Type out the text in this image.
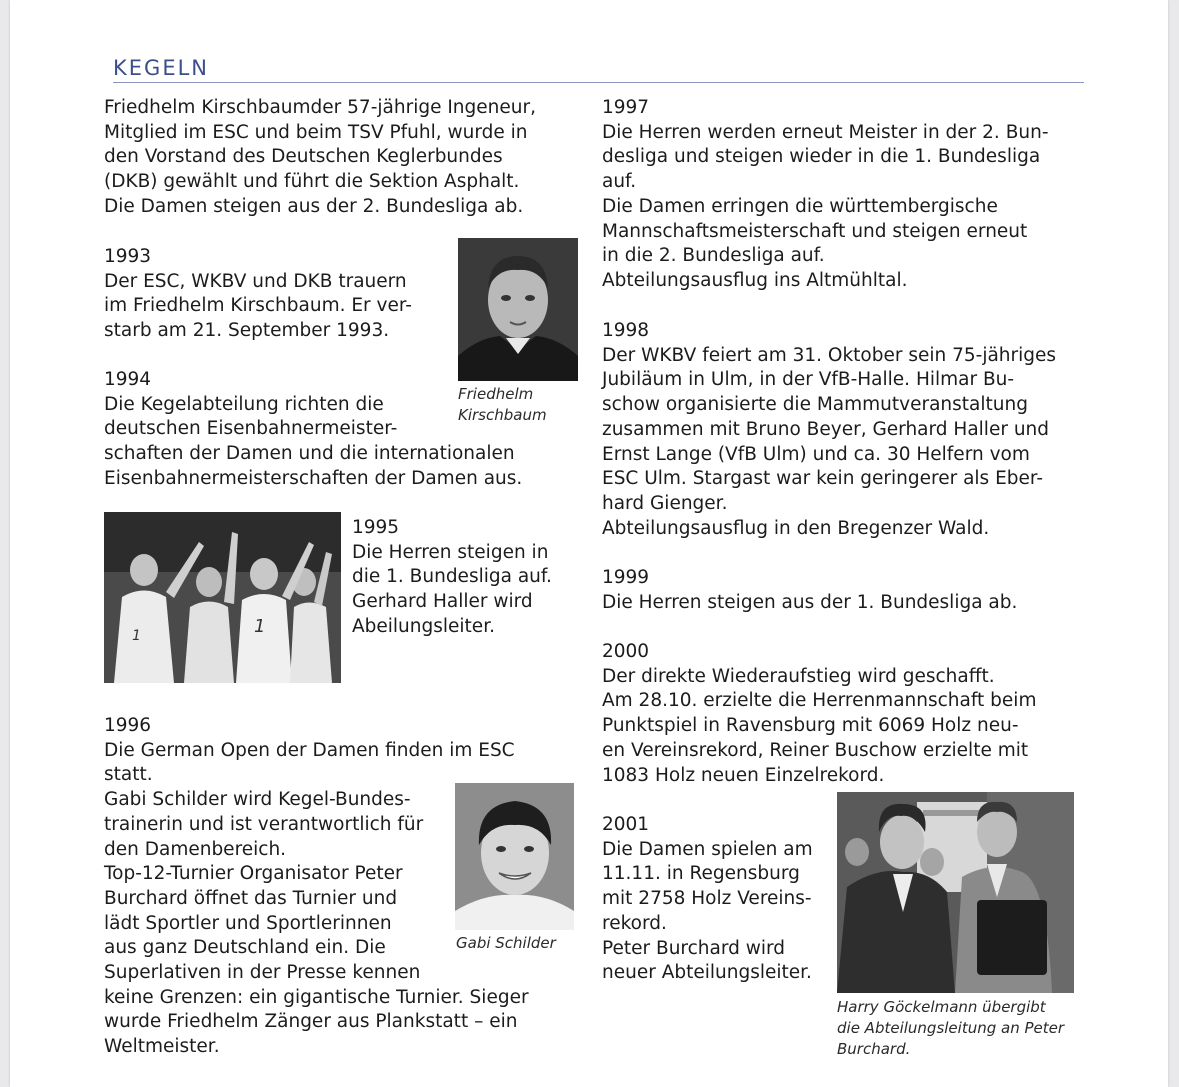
KEGELN

Friedhelm Kirschbaumder 57-jährige Ingeneur,
Mitglied im ESC und beim TSV Pfuhl, wurde in
den Vorstand des Deutschen Keglerbundes
(DKB) gewählt und führt die Sektion Asphalt.
Die Damen steigen aus der 2. Bundesliga ab.

1993
Der ESC, WKBV und DKB trauern
im Friedhelm Kirschbaum. Er ver-
starb am 21. September 1993.

Friedhelm
Kirschbaum

1994
Die Kegelabteilung richten die
deutschen Eisenbahnermeister-
schaften der Damen und die internationalen
Eisenbahnermeisterschaften der Damen aus.

1	1

1995
Die Herren steigen in
die 1. Bundesliga auf.
Gerhard Haller wird
Abeilungsleiter.

1996
Die German Open der Damen finden im ESC
statt.
Gabi Schilder wird Kegel-Bundes-
trainerin und ist verantwortlich für
den Damenbereich.
Top-12-Turnier Organisator Peter
Burchard öffnet das Turnier und
lädt Sportler und Sportlerinnen
aus ganz Deutschland ein. Die
Superlativen in der Presse kennen
keine Grenzen: ein gigantische Turnier. Sieger
wurde Friedhelm Zänger aus Plankstatt – ein
Weltmeister.

Gabi Schilder

1997
Die Herren werden erneut Meister in der 2. Bun-
desliga und steigen wieder in die 1. Bundesliga
auf.
Die Damen erringen die württembergische
Mannschaftsmeisterschaft und steigen erneut
in die 2. Bundesliga auf.
Abteilungsausflug ins Altmühltal.

1998
Der WKBV feiert am 31. Oktober sein 75-jähriges
Jubiläum in Ulm, in der VfB-Halle. Hilmar Bu-
schow organisierte die Mammutveranstaltung
zusammen mit Bruno Beyer, Gerhard Haller und
Ernst Lange (VfB Ulm) und ca. 30 Helfern vom
ESC Ulm. Stargast war kein geringerer als Eber-
hard Gienger.
Abteilungsausflug in den Bregenzer Wald.

1999
Die Herren steigen aus der 1. Bundesliga ab.

2000
Der direkte Wiederaufstieg wird geschafft.
Am 28.10. erzielte die Herrenmannschaft beim
Punktspiel in Ravensburg mit 6069 Holz neu-
en Vereinsrekord, Reiner Buschow erzielte mit
1083 Holz neuen Einzelrekord.

2001
Die Damen spielen am
11.11. in Regensburg
mit 2758 Holz Vereins-
rekord.
Peter Burchard wird
neuer Abteilungsleiter.

Harry Göckelmann übergibt
die Abteilungsleitung an Peter
Burchard.
